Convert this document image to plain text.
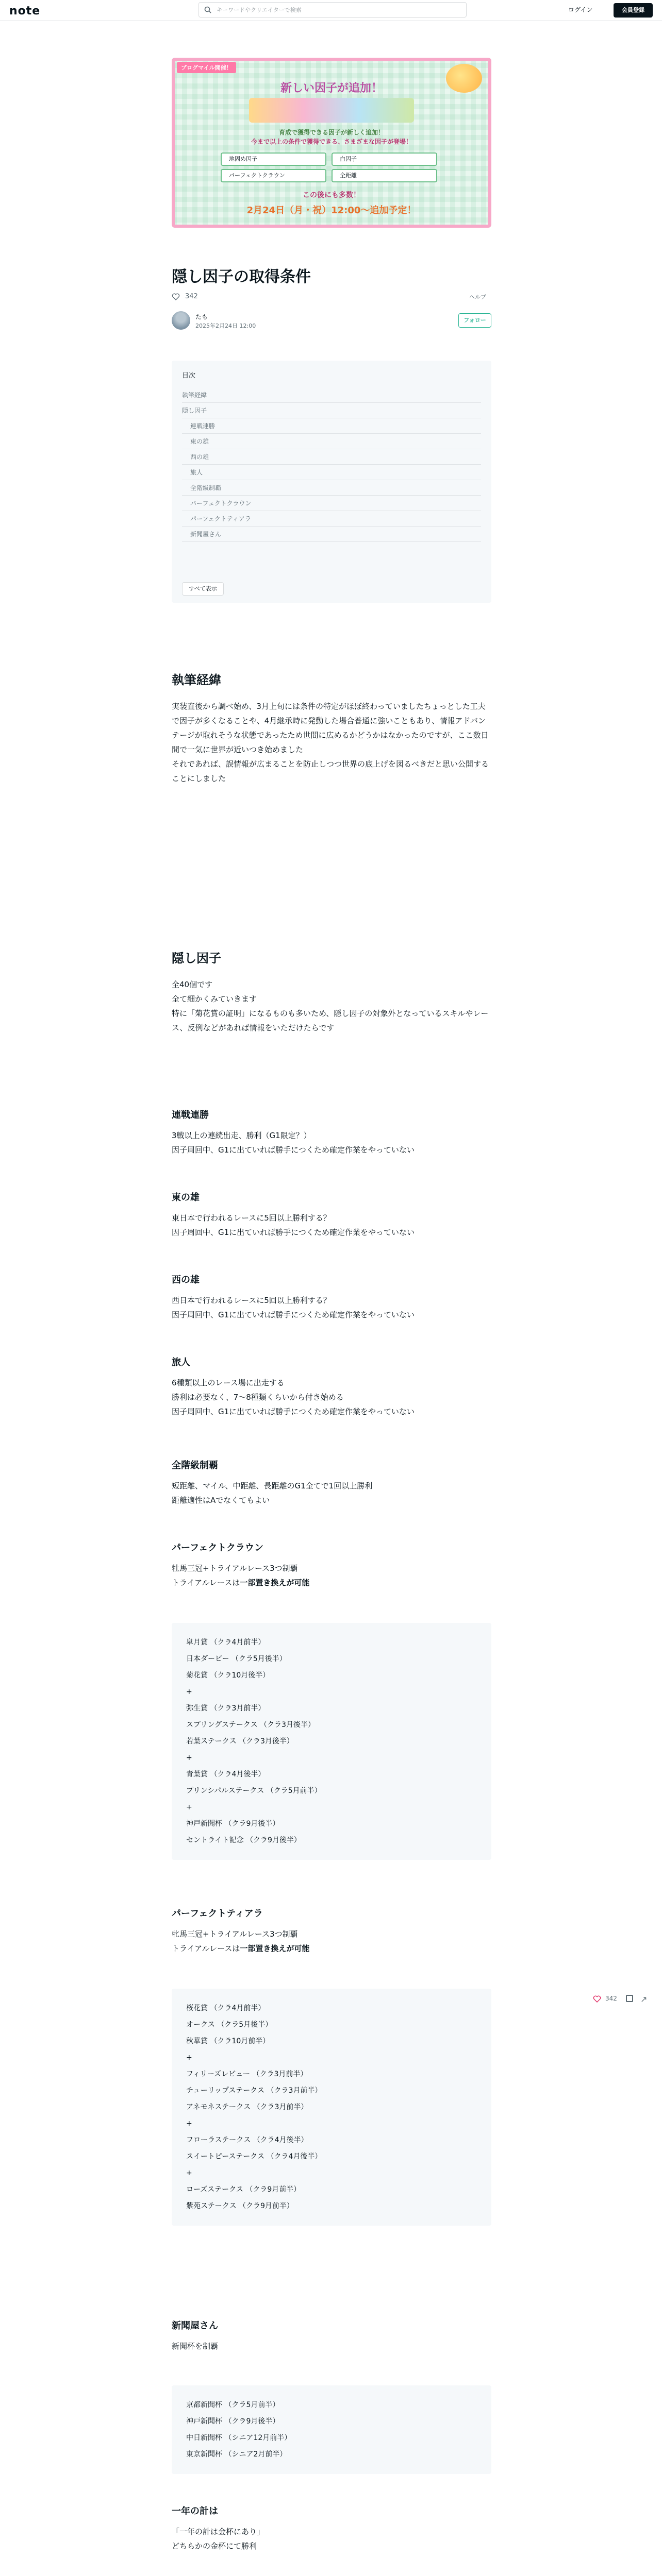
note
キーワードやクリエイターで検索	ログイン	会員登録
ブログマイル開催！
新しい因子が追加！
育成で獲得できる因子が新しく追加！
今まで以上の条件で獲得できる、さまざまな因子が登場！
地固め因子	白因子
パーフェクトクラウン	全距離
この後にも多数！
2月24日（月・祝）12:00～追加予定！
隠し因子の取得条件
342	ヘルプ
たも
2025年2月24日 12:00
フォロー
目次
執筆経緯
隠し因子
連戦連勝
東の雄
西の雄
旅人
全階級制覇
パーフェクトクラウン
パーフェクトティアラ
新聞屋さん
すべて表示
執筆経緯

実装直後から調べ始め、3月上旬には条件の特定がほぼ終わっていましたちょっとした工夫で因子が多くなることや、4月継承時に発動した場合普通に強いこともあり、情報アドバンテージが取れそうな状態であったため世間に広めるかどうかはなかったのですが、ここ数日間で一気に世界が近いつき始めました

それであれば、誤情報が広まることを防止しつつ世界の底上げを図るべきだと思い公開することにしました

隠し因子

全40個です

全て細かくみていきます

特に「菊花賞の証明」になるものも多いため、隠し因子の対象外となっているスキルやレース、反例などがあれば情報をいただけたらです

連戦連勝

3戦以上の連続出走、勝利（G1限定？）

因子周回中、G1に出ていれば勝手につくため確定作業をやっていない

東の雄

東日本で行われるレースに5回以上勝利する？

因子周回中、G1に出ていれば勝手につくため確定作業をやっていない

西の雄

西日本で行われるレースに5回以上勝利する？

因子周回中、G1に出ていれば勝手につくため確定作業をやっていない

旅人

6種類以上のレース場に出走する

勝利は必要なく、7～8種類くらいから付き始める

因子周回中、G1に出ていれば勝手につくため確定作業をやっていない

全階級制覇

短距離、マイル、中距離、長距離のG1全てで1回以上勝利

距離適性はAでなくてもよい

パーフェクトクラウン

牡馬三冠+トライアルレース3つ制覇

トライアルレースは一部置き換えが可能

皐月賞 （クラ4月前半）
日本ダービー （クラ5月後半）
菊花賞 （クラ10月後半）
+
弥生賞 （クラ3月前半）
スプリングステークス （クラ3月後半）
若葉ステークス （クラ3月後半）
+
青葉賞 （クラ4月後半）
プリンシパルステークス （クラ5月前半）
+
神戸新聞杯 （クラ9月後半）
セントライト記念 （クラ9月後半）
パーフェクトティアラ

牝馬三冠+トライアルレース3つ制覇

トライアルレースは一部置き換えが可能

桜花賞 （クラ4月前半）
オークス （クラ5月後半）
秋華賞 （クラ10月前半）
+
フィリーズレビュー （クラ3月前半）
チューリップステークス （クラ3月前半）
アネモネステークス （クラ3月前半）
+
フローラステークス （クラ4月後半）
スイートピーステークス （クラ4月後半）
+
ローズステークス （クラ9月前半）
紫苑ステークス （クラ9月前半）
342	↗
新聞屋さん

新聞杯を制覇

京都新聞杯 （クラ5月前半）
神戸新聞杯 （クラ9月後半）
中日新聞杯 （シニア12月前半）
東京新聞杯 （シニア2月前半）
一年の計は

「一年の計は金杯にあり」

どちらかの金杯にて勝利
